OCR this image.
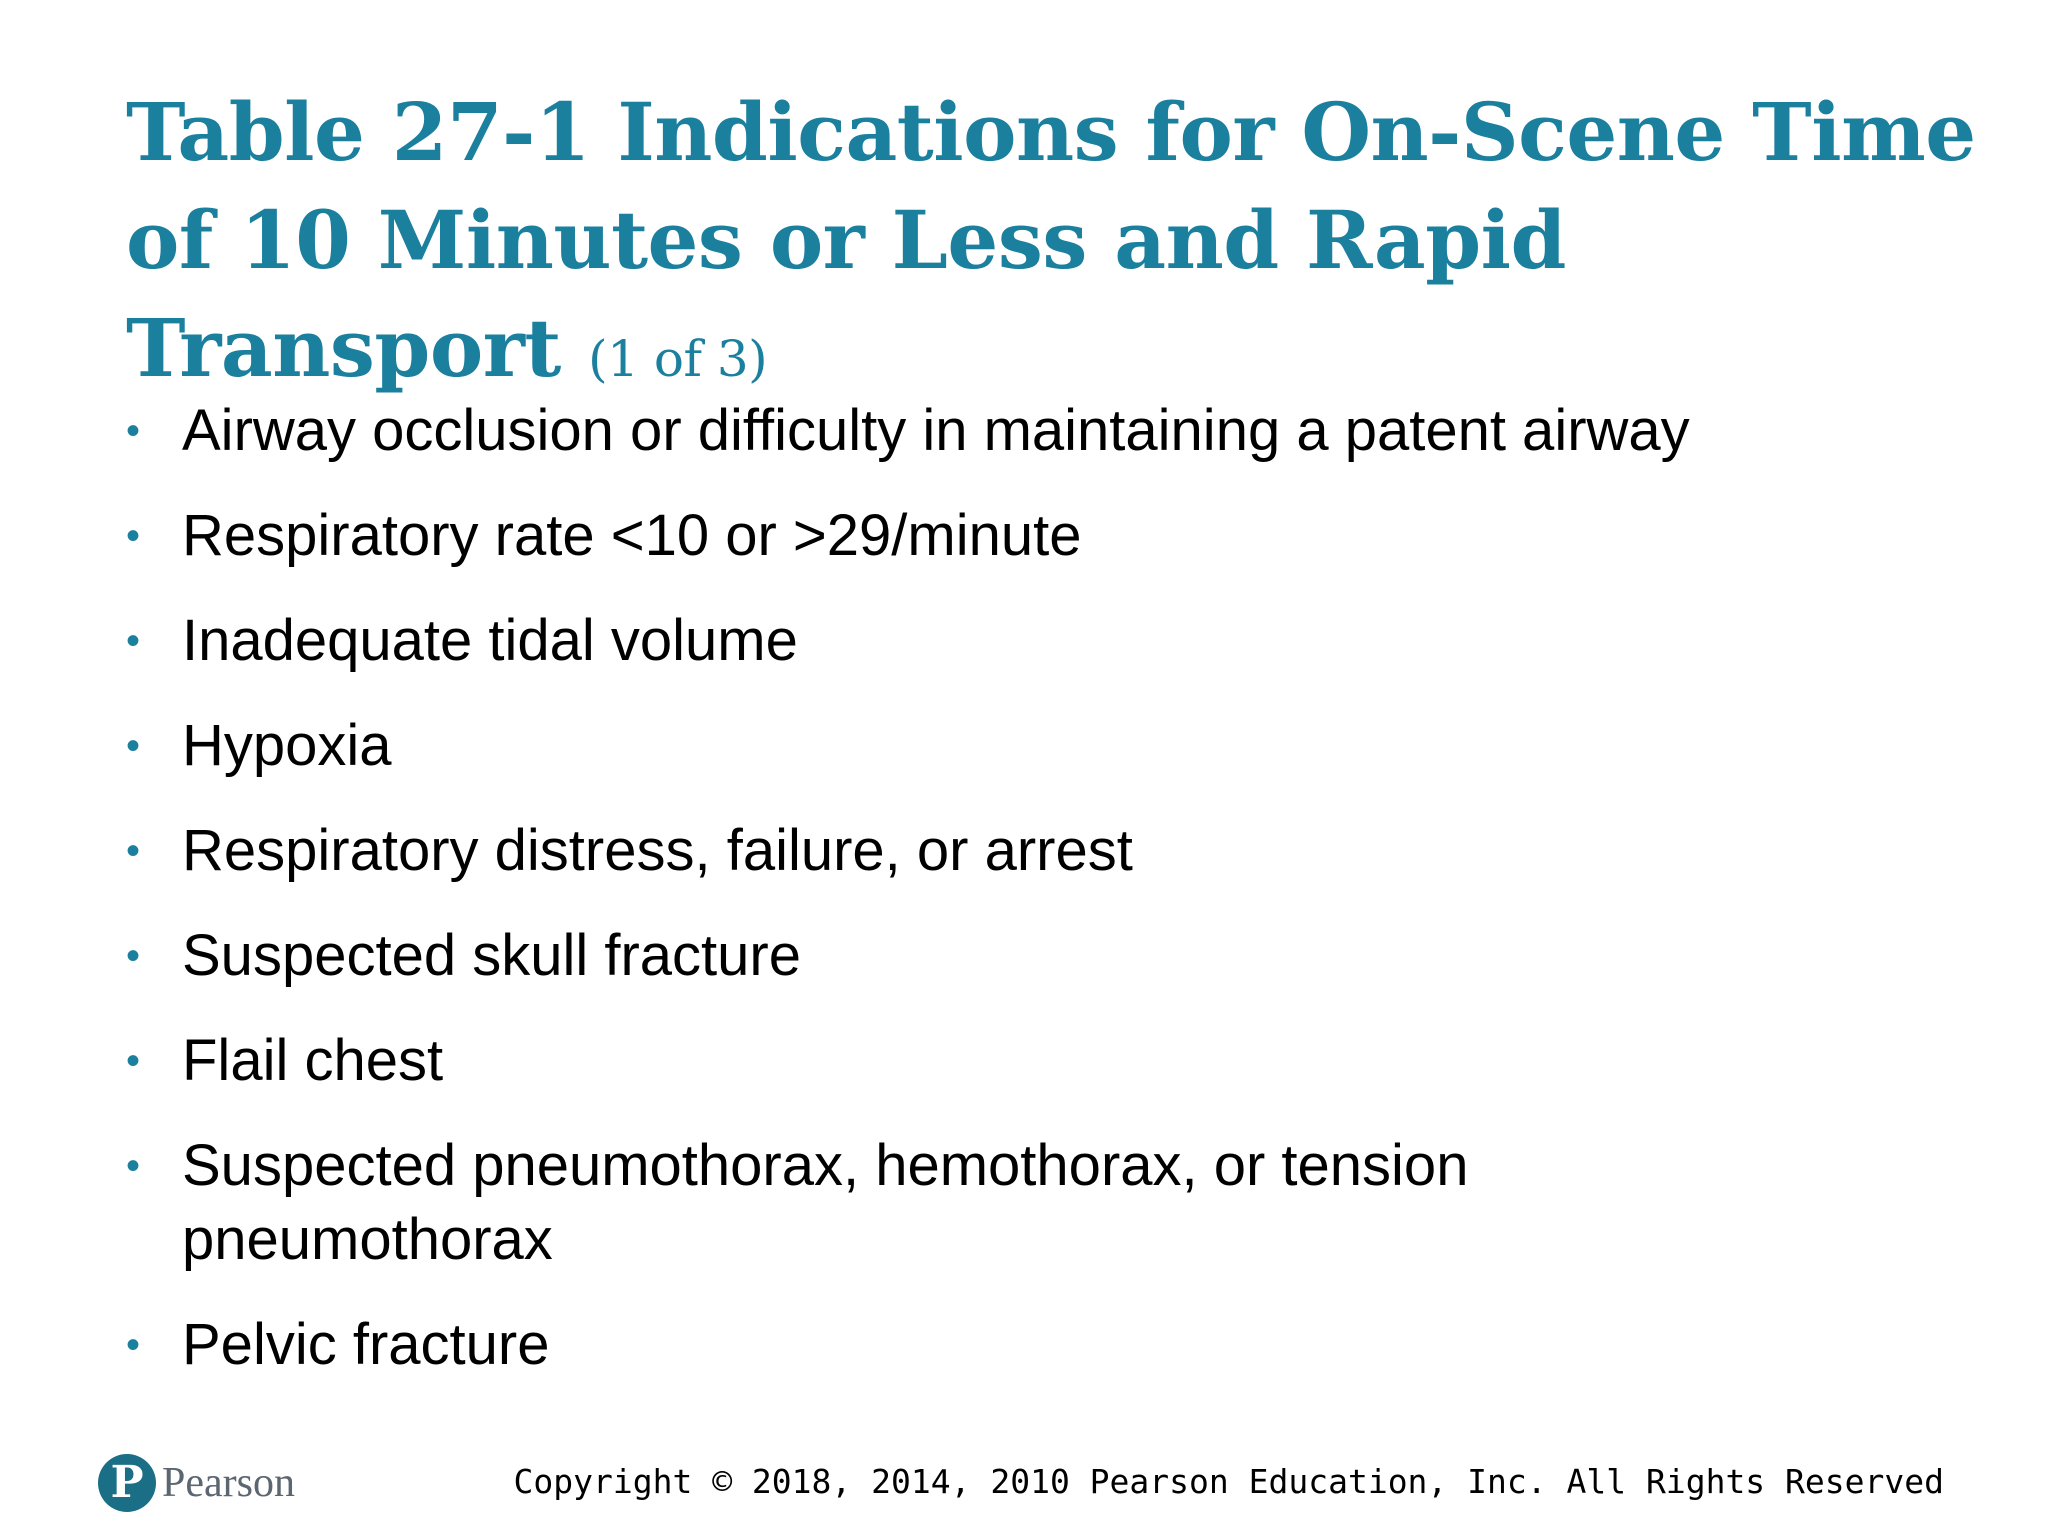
Table 27-1 Indications for On-Scene Time of 10 Minutes or Less and Rapid Transport (1 of 3)
• Airway occlusion or difficulty in maintaining a patent airway
• Respiratory rate <10 or >29/minute
• Inadequate tidal volume
• Hypoxia
• Respiratory distress, failure, or arrest
• Suspected skull fracture
• Flail chest
• Suspected pneumothorax, hemothorax, or tension pneumothorax
• Pelvic fracture
P Pearson	Copyright © 2018, 2014, 2010 Pearson Education, Inc. All Rights Reserved
